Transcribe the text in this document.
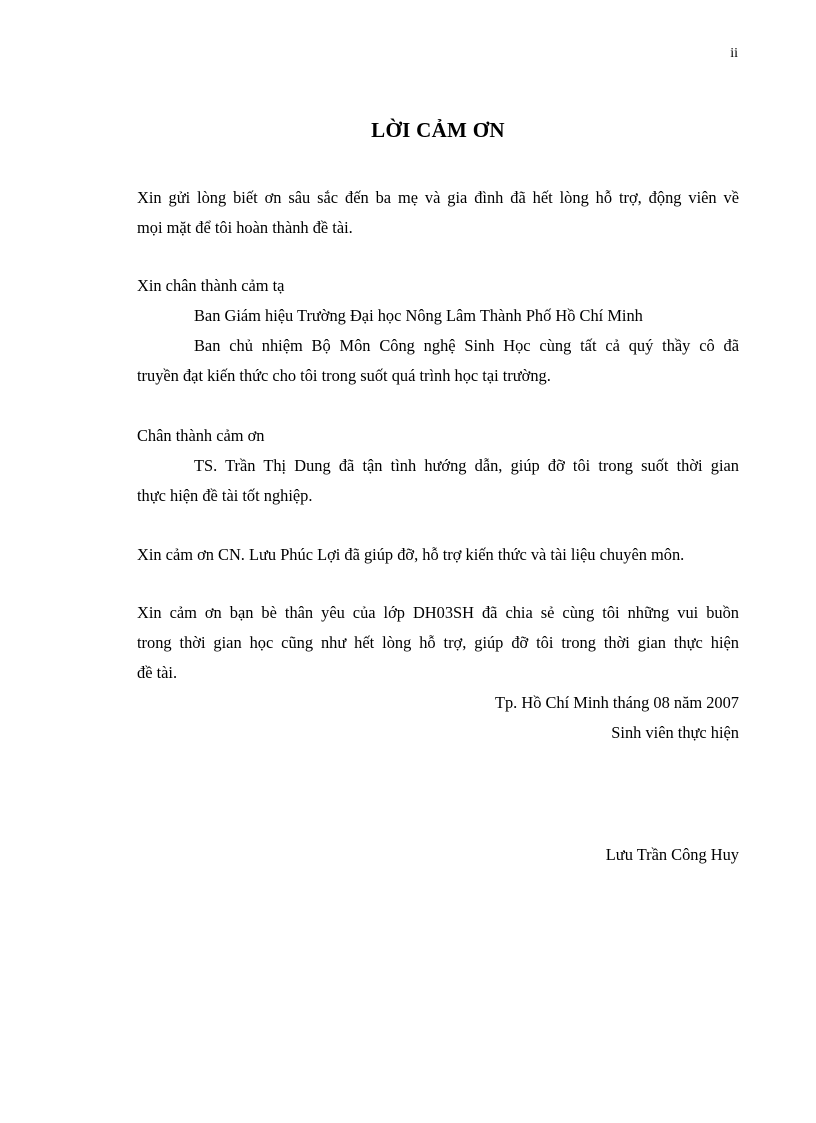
ii
LỜI CẢM ƠN
Xin gửi lòng biết ơn sâu sắc đến ba mẹ và gia đình đã hết lòng hỗ trợ, động viên về
mọi mặt để tôi hoàn thành đề tài.
Xin chân thành cảm tạ
Ban Giám hiệu Trường Đại học Nông Lâm Thành Phố Hồ Chí Minh
Ban chủ nhiệm Bộ Môn Công nghệ Sinh Học cùng tất cả quý thầy cô đã
truyền đạt kiến thức cho tôi trong suốt quá trình học tại trường.
Chân thành cảm ơn
TS. Trần Thị Dung đã tận tình hướng dẫn, giúp đỡ tôi trong suốt thời gian
thực hiện đề tài tốt nghiệp.
Xin cảm ơn CN. Lưu Phúc Lợi đã giúp đỡ, hỗ trợ kiến thức và tài liệu chuyên môn.
Xin cảm ơn bạn bè thân yêu của lớp DH03SH đã chia sẻ cùng tôi những vui buồn
trong thời gian học cũng như hết lòng hỗ trợ, giúp đỡ tôi trong thời gian thực hiện
đề tài.
Tp. Hồ Chí Minh tháng 08 năm 2007
Sinh viên thực hiện
Lưu Trần Công Huy
